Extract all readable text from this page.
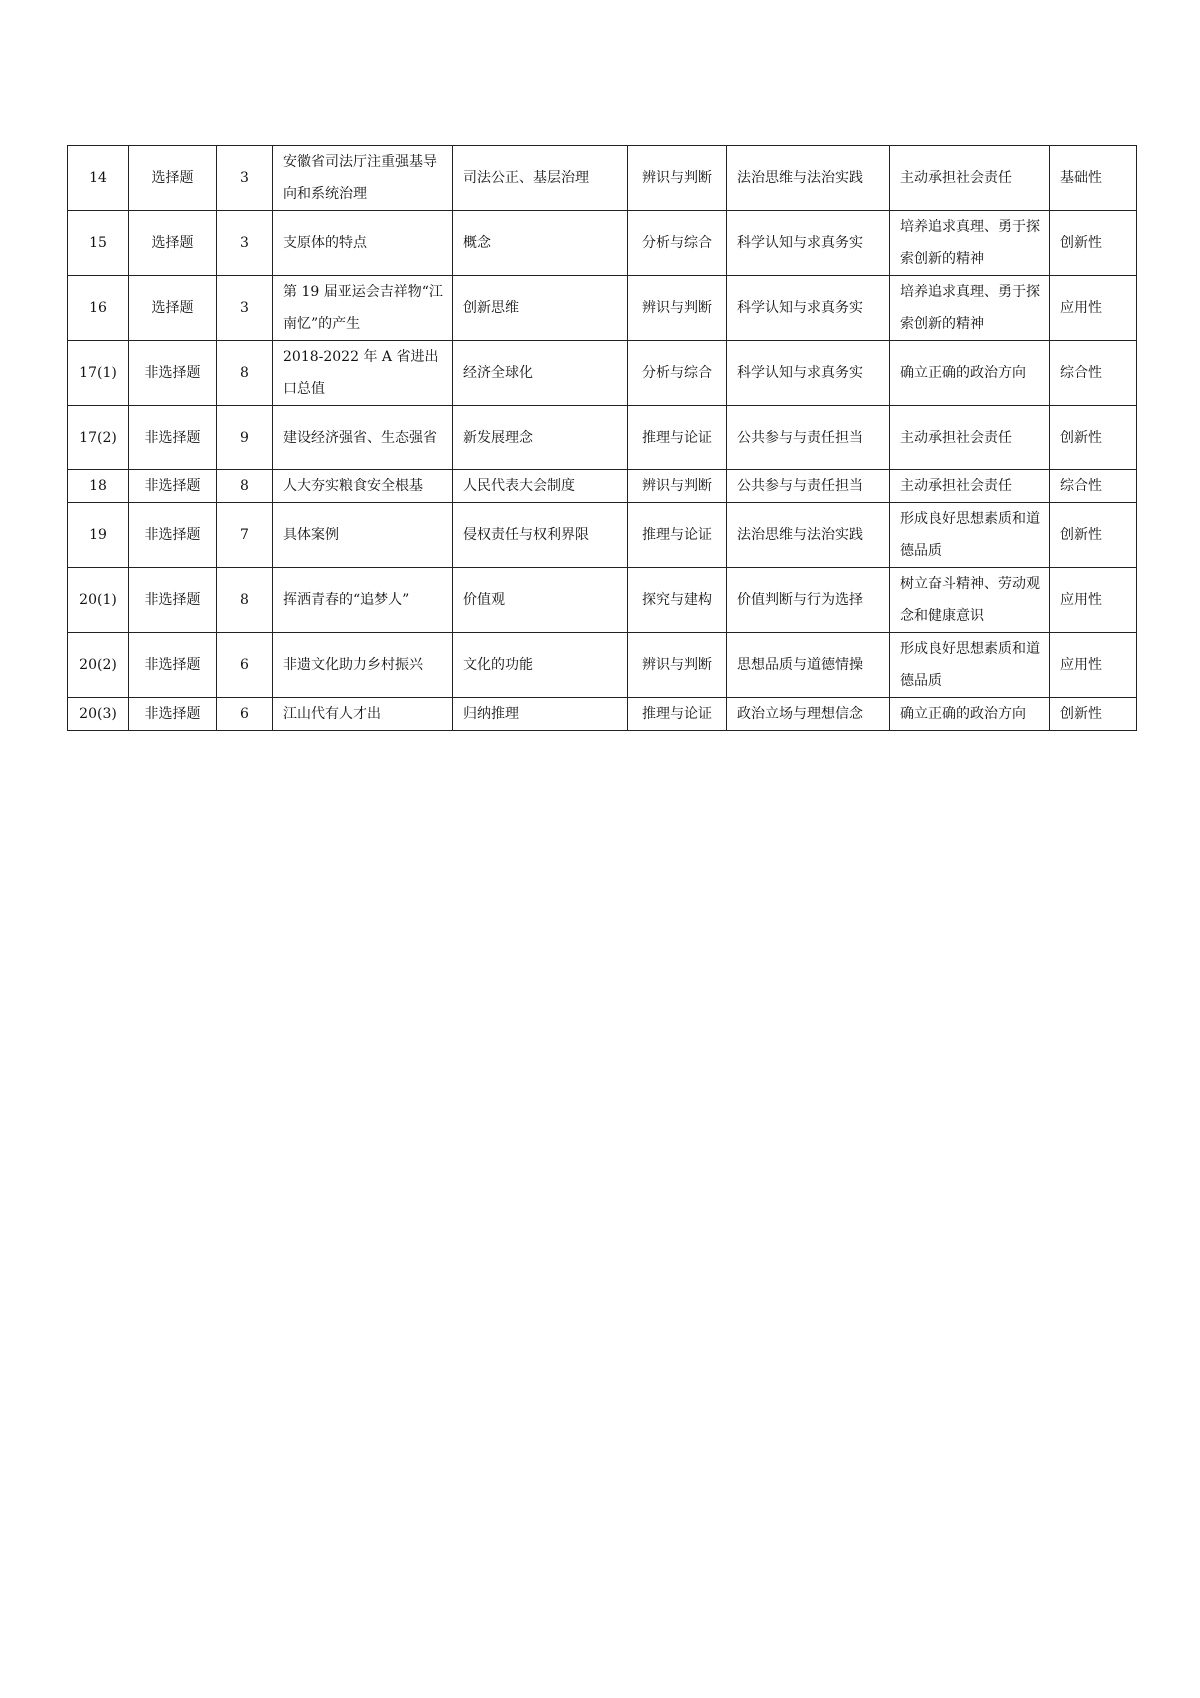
14	选择题	3	安徽省司法厅注重强基导向和系统治理	司法公正、基层治理	辨识与判断	法治思维与法治实践	主动承担社会责任	基础性
15	选择题	3	支原体的特点	概念	分析与综合	科学认知与求真务实	培养追求真理、勇于探索创新的精神	创新性
16	选择题	3	第 19 届亚运会吉祥物“江南忆”的产生	创新思维	辨识与判断	科学认知与求真务实	培养追求真理、勇于探索创新的精神	应用性
17(1)	非选择题	8	2018-2022 年 A 省进出口总值	经济全球化	分析与综合	科学认知与求真务实	确立正确的政治方向	综合性
17(2)	非选择题	9	建设经济强省、生态强省	新发展理念	推理与论证	公共参与与责任担当	主动承担社会责任	创新性
18	非选择题	8	人大夯实粮食安全根基	人民代表大会制度	辨识与判断	公共参与与责任担当	主动承担社会责任	综合性
19	非选择题	7	具体案例	侵权责任与权利界限	推理与论证	法治思维与法治实践	形成良好思想素质和道德品质	创新性
20(1)	非选择题	8	挥洒青春的“追梦人”	价值观	探究与建构	价值判断与行为选择	树立奋斗精神、劳动观念和健康意识	应用性
20(2)	非选择题	6	非遗文化助力乡村振兴	文化的功能	辨识与判断	思想品质与道德情操	形成良好思想素质和道德品质	应用性
20(3)	非选择题	6	江山代有人才出	归纳推理	推理与论证	政治立场与理想信念	确立正确的政治方向	创新性
